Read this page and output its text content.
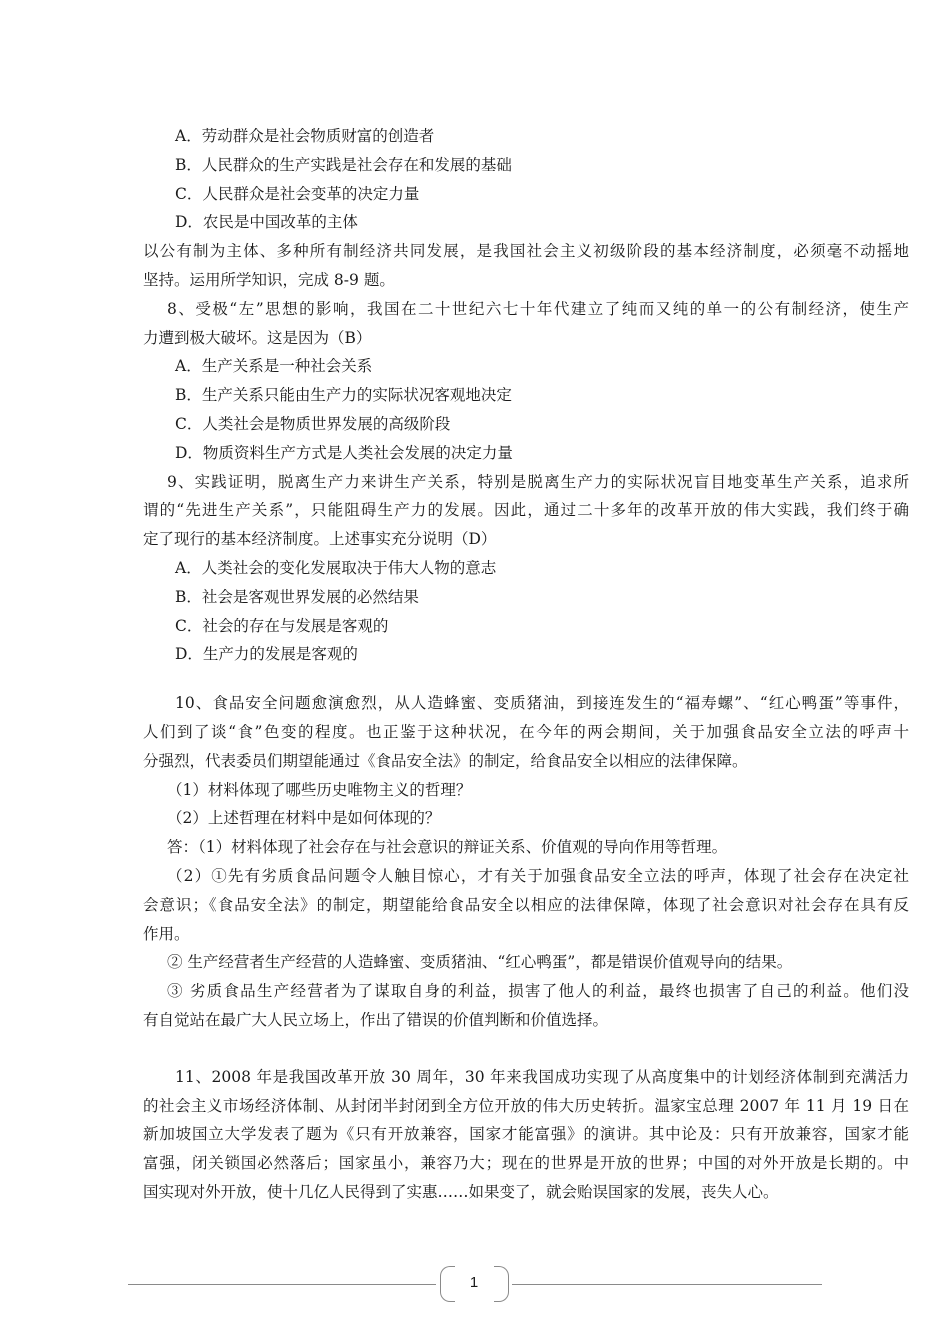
A．劳动群众是社会物质财富的创造者
B．人民群众的生产实践是社会存在和发展的基础
C．人民群众是社会变革的决定力量
D．农民是中国改革的主体
以公有制为主体、多种所有制经济共同发展，是我国社会主义初级阶段的基本经济制度，必须毫不动摇地
坚持。运用所学知识，完成 8-9 题。
8、受极“左”思想的影响，我国在二十世纪六七十年代建立了纯而又纯的单一的公有制经济，使生产
力遭到极大破坏。这是因为（B）
A．生产关系是一种社会关系
B．生产关系只能由生产力的实际状况客观地决定
C．人类社会是物质世界发展的高级阶段
D．物质资料生产方式是人类社会发展的决定力量
9、实践证明，脱离生产力来讲生产关系，特别是脱离生产力的实际状况盲目地变革生产关系，追求所
谓的“先进生产关系”，只能阻碍生产力的发展。因此，通过二十多年的改革开放的伟大实践，我们终于确
定了现行的基本经济制度。上述事实充分说明（D）
A．人类社会的变化发展取决于伟大人物的意志
B．社会是客观世界发展的必然结果
C．社会的存在与发展是客观的
D．生产力的发展是客观的
10、食品安全问题愈演愈烈，从人造蜂蜜、变质猪油，到接连发生的“福寿螺”、“红心鸭蛋”等事件，
人们到了谈“食”色变的程度。也正鉴于这种状况，在今年的两会期间，关于加强食品安全立法的呼声十
分强烈，代表委员们期望能通过《食品安全法》的制定，给食品安全以相应的法律保障。
（1）材料体现了哪些历史唯物主义的哲理？
（2）上述哲理在材料中是如何体现的？
答：（1）材料体现了社会存在与社会意识的辩证关系、价值观的导向作用等哲理。
（2）①先有劣质食品问题令人触目惊心，才有关于加强食品安全立法的呼声，体现了社会存在决定社
会意识；《食品安全法》的制定，期望能给食品安全以相应的法律保障，体现了社会意识对社会存在具有反
作用。
② 生产经营者生产经营的人造蜂蜜、变质猪油、“红心鸭蛋”，都是错误价值观导向的结果。
③ 劣质食品生产经营者为了谋取自身的利益，损害了他人的利益，最终也损害了自己的利益。他们没
有自觉站在最广大人民立场上，作出了错误的价值判断和价值选择。
11、2008 年是我国改革开放 30 周年，30 年来我国成功实现了从高度集中的计划经济体制到充满活力
的社会主义市场经济体制、从封闭半封闭到全方位开放的伟大历史转折。温家宝总理 2007 年 11 月 19 日在
新加坡国立大学发表了题为《只有开放兼容，国家才能富强》的演讲。其中论及：只有开放兼容，国家才能
富强，闭关锁国必然落后；国家虽小，兼容乃大；现在的世界是开放的世界；中国的对外开放是长期的。中
国实现对外开放，使十几亿人民得到了实惠……如果变了，就会贻误国家的发展，丧失人心。
1
